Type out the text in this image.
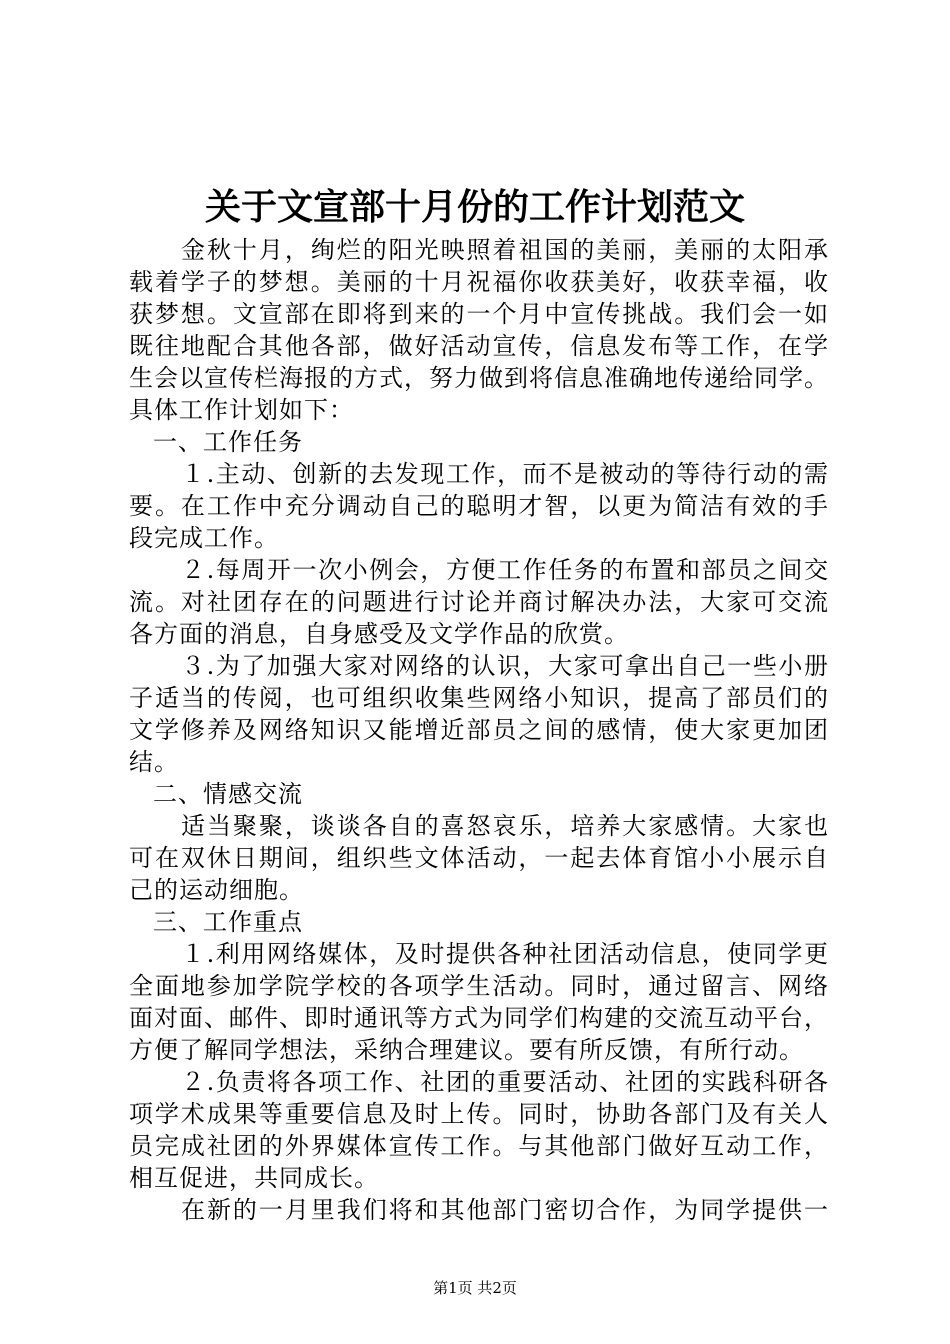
关于文宣部十月份的工作计划范文
金秋十月，绚烂的阳光映照着祖国的美丽，美丽的太阳承
载着学子的梦想。美丽的十月祝福你收获美好，收获幸福，收
获梦想。文宣部在即将到来的一个月中宣传挑战。我们会一如
既往地配合其他各部，做好活动宣传，信息发布等工作，在学
生会以宣传栏海报的方式，努力做到将信息准确地传递给同学。
具体工作计划如下：
一、工作任务
１.主动、创新的去发现工作，而不是被动的等待行动的需
要。在工作中充分调动自己的聪明才智，以更为简洁有效的手
段完成工作。
２.每周开一次小例会，方便工作任务的布置和部员之间交
流。对社团存在的问题进行讨论并商讨解决办法，大家可交流
各方面的消息，自身感受及文学作品的欣赏。
３.为了加强大家对网络的认识，大家可拿出自己一些小册
子适当的传阅，也可组织收集些网络小知识，提高了部员们的
文学修养及网络知识又能增近部员之间的感情，使大家更加团
结。
二、情感交流
适当聚聚，谈谈各自的喜怒哀乐，培养大家感情。大家也
可在双休日期间，组织些文体活动，一起去体育馆小小展示自
己的运动细胞。
三、工作重点
１.利用网络媒体，及时提供各种社团活动信息，使同学更
全面地参加学院学校的各项学生活动。同时，通过留言、网络
面对面、邮件、即时通讯等方式为同学们构建的交流互动平台，
方便了解同学想法，采纳合理建议。要有所反馈，有所行动。
２.负责将各项工作、社团的重要活动、社团的实践科研各
项学术成果等重要信息及时上传。同时，协助各部门及有关人
员完成社团的外界媒体宣传工作。与其他部门做好互动工作，
相互促进，共同成长。
在新的一月里我们将和其他部门密切合作，为同学提供一
第1页 共2页
